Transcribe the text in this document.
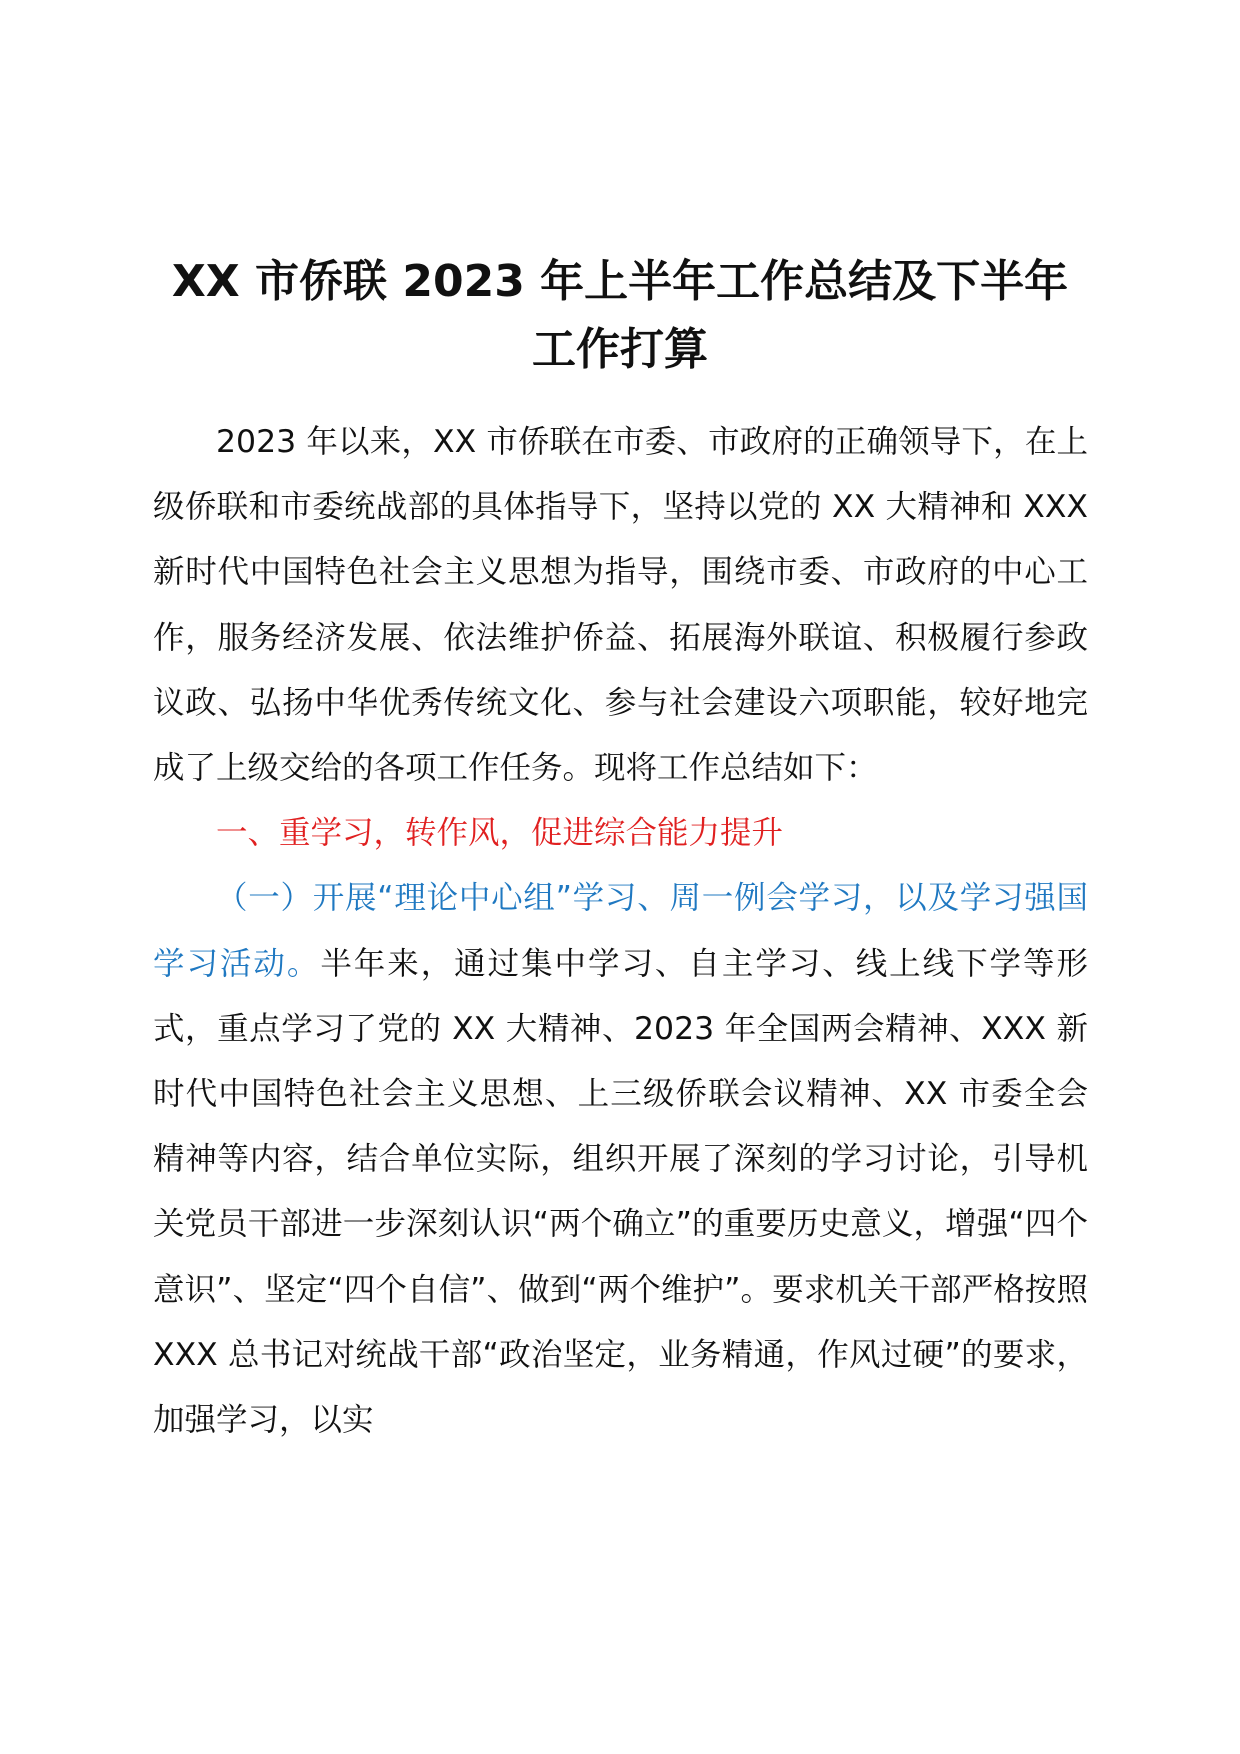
XX 市侨联 2023 年上半年工作总结及下半年
工作打算

2023 年以来，XX 市侨联在市委、市政府的正确领导下，在上级侨联和市委统战部的具体指导下，坚持以党的 XX 大精神和 XXX 新时代中国特色社会主义思想为指导，围绕市委、市政府的中心工作，服务经济发展、依法维护侨益、拓展海外联谊、积极履行参政议政、弘扬中华优秀传统文化、参与社会建设六项职能，较好地完成了上级交给的各项工作任务。现将工作总结如下：

一、重学习，转作风，促进综合能力提升

（一）开展“理论中心组”学习、周一例会学习，以及学习强国学习活动。半年来，通过集中学习、自主学习、线上线下学等形式，重点学习了党的 XX 大精神、2023 年全国两会精神、XXX 新时代中国特色社会主义思想、上三级侨联会议精神、XX 市委全会精神等内容，结合单位实际，组织开展了深刻的学习讨论，引导机关党员干部进一步深刻认识“两个确立”的重要历史意义，增强“四个意识”、坚定“四个自信”、做到“两个维护”。要求机关干部严格按照 XXX 总书记对统战干部“政治坚定，业务精通，作风过硬”的要求，加强学习，以实
